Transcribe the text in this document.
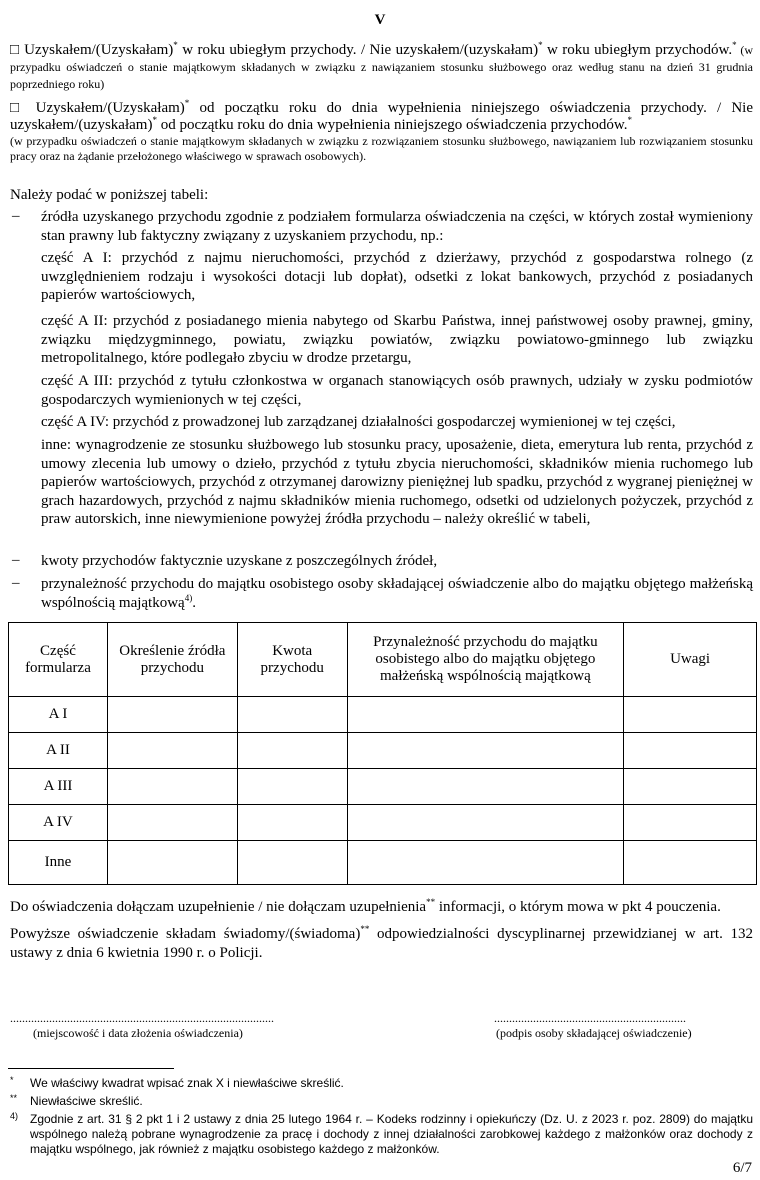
V
□ Uzyskałem/(Uzyskałam)* w roku ubiegłym przychody. / Nie uzyskałem/(uzyskałam)* w roku ubiegłym przychodów.* (w przypadku oświadczeń o stanie majątkowym składanych w związku z nawiązaniem stosunku służbowego oraz według stanu na dzień 31 grudnia poprzedniego roku)
□ Uzyskałem/(Uzyskałam)* od początku roku do dnia wypełnienia niniejszego oświadczenia przychody. / Nie uzyskałem/(uzyskałam)* od początku roku do dnia wypełnienia niniejszego oświadczenia przychodów.*
(w przypadku oświadczeń o stanie majątkowym składanych w związku z rozwiązaniem stosunku służbowego, nawiązaniem lub rozwiązaniem stosunku pracy oraz na żądanie przełożonego właściwego w sprawach osobowych).
Należy podać w poniższej tabeli:
– źródła uzyskanego przychodu zgodnie z podziałem formularza oświadczenia na części, w których został wymieniony stan prawny lub faktyczny związany z uzyskaniem przychodu, np.:
część A I: przychód z najmu nieruchomości, przychód z dzierżawy, przychód z gospodarstwa rolnego (z uwzględnieniem rodzaju i wysokości dotacji lub dopłat), odsetki z lokat bankowych, przychód z posiadanych papierów wartościowych,
część A II: przychód z posiadanego mienia nabytego od Skarbu Państwa, innej państwowej osoby prawnej, gminy, związku międzygminnego, powiatu, związku powiatów, związku powiatowo-gminnego lub związku metropolitalnego, które podlegało zbyciu w drodze przetargu,
część A III: przychód z tytułu członkostwa w organach stanowiących osób prawnych, udziały w zysku podmiotów gospodarczych wymienionych w tej części,
część A IV: przychód z prowadzonej lub zarządzanej działalności gospodarczej wymienionej w tej części,
inne: wynagrodzenie ze stosunku służbowego lub stosunku pracy, uposażenie, dieta, emerytura lub renta, przychód z umowy zlecenia lub umowy o dzieło, przychód z tytułu zbycia nieruchomości, składników mienia ruchomego lub papierów wartościowych, przychód z otrzymanej darowizny pieniężnej lub spadku, przychód z wygranej pieniężnej w grach hazardowych, przychód z najmu składników mienia ruchomego, odsetki od udzielonych pożyczek, przychód z praw autorskich, inne niewymienione powyżej źródła przychodu – należy określić w tabeli,
– kwoty przychodów faktycznie uzyskane z poszczególnych źródeł,
– przynależność przychodu do majątku osobistego osoby składającej oświadczenie albo do majątku objętego małżeńską wspólnością majątkową$^{4)}$.
Część formularza	Określenie źródła przychodu	Kwota przychodu	Przynależność przychodu do majątku osobistego albo do majątku objętego małżeńską wspólnością majątkową	Uwagi
A I				
A II				
A III				
A IV				
Inne				
Do oświadczenia dołączam uzupełnienie / nie dołączam uzupełnienia** informacji, o którym mowa w pkt 4 pouczenia.
Powyższe oświadczenie składam świadomy/(świadoma)** odpowiedzialności dyscyplinarnej przewidzianej w art. 132 ustawy z dnia 6 kwietnia 1990 r. o Policji.
........................................................................................
(miejscowość i data złożenia oświadczenia)
................................................................
(podpis osoby składającej oświadczenie)
* We właściwy kwadrat wpisać znak X i niewłaściwe skreślić.
** Niewłaściwe skreślić.
4) Zgodnie z art. 31 § 2 pkt 1 i 2 ustawy z dnia 25 lutego 1964 r. – Kodeks rodzinny i opiekuńczy (Dz. U. z 2023 r. poz. 2809) do majątku wspólnego należą pobrane wynagrodzenie za pracę i dochody z innej działalności zarobkowej każdego z małżonków oraz dochody z majątku wspólnego, jak również z majątku osobistego każdego z małżonków.
6/7
